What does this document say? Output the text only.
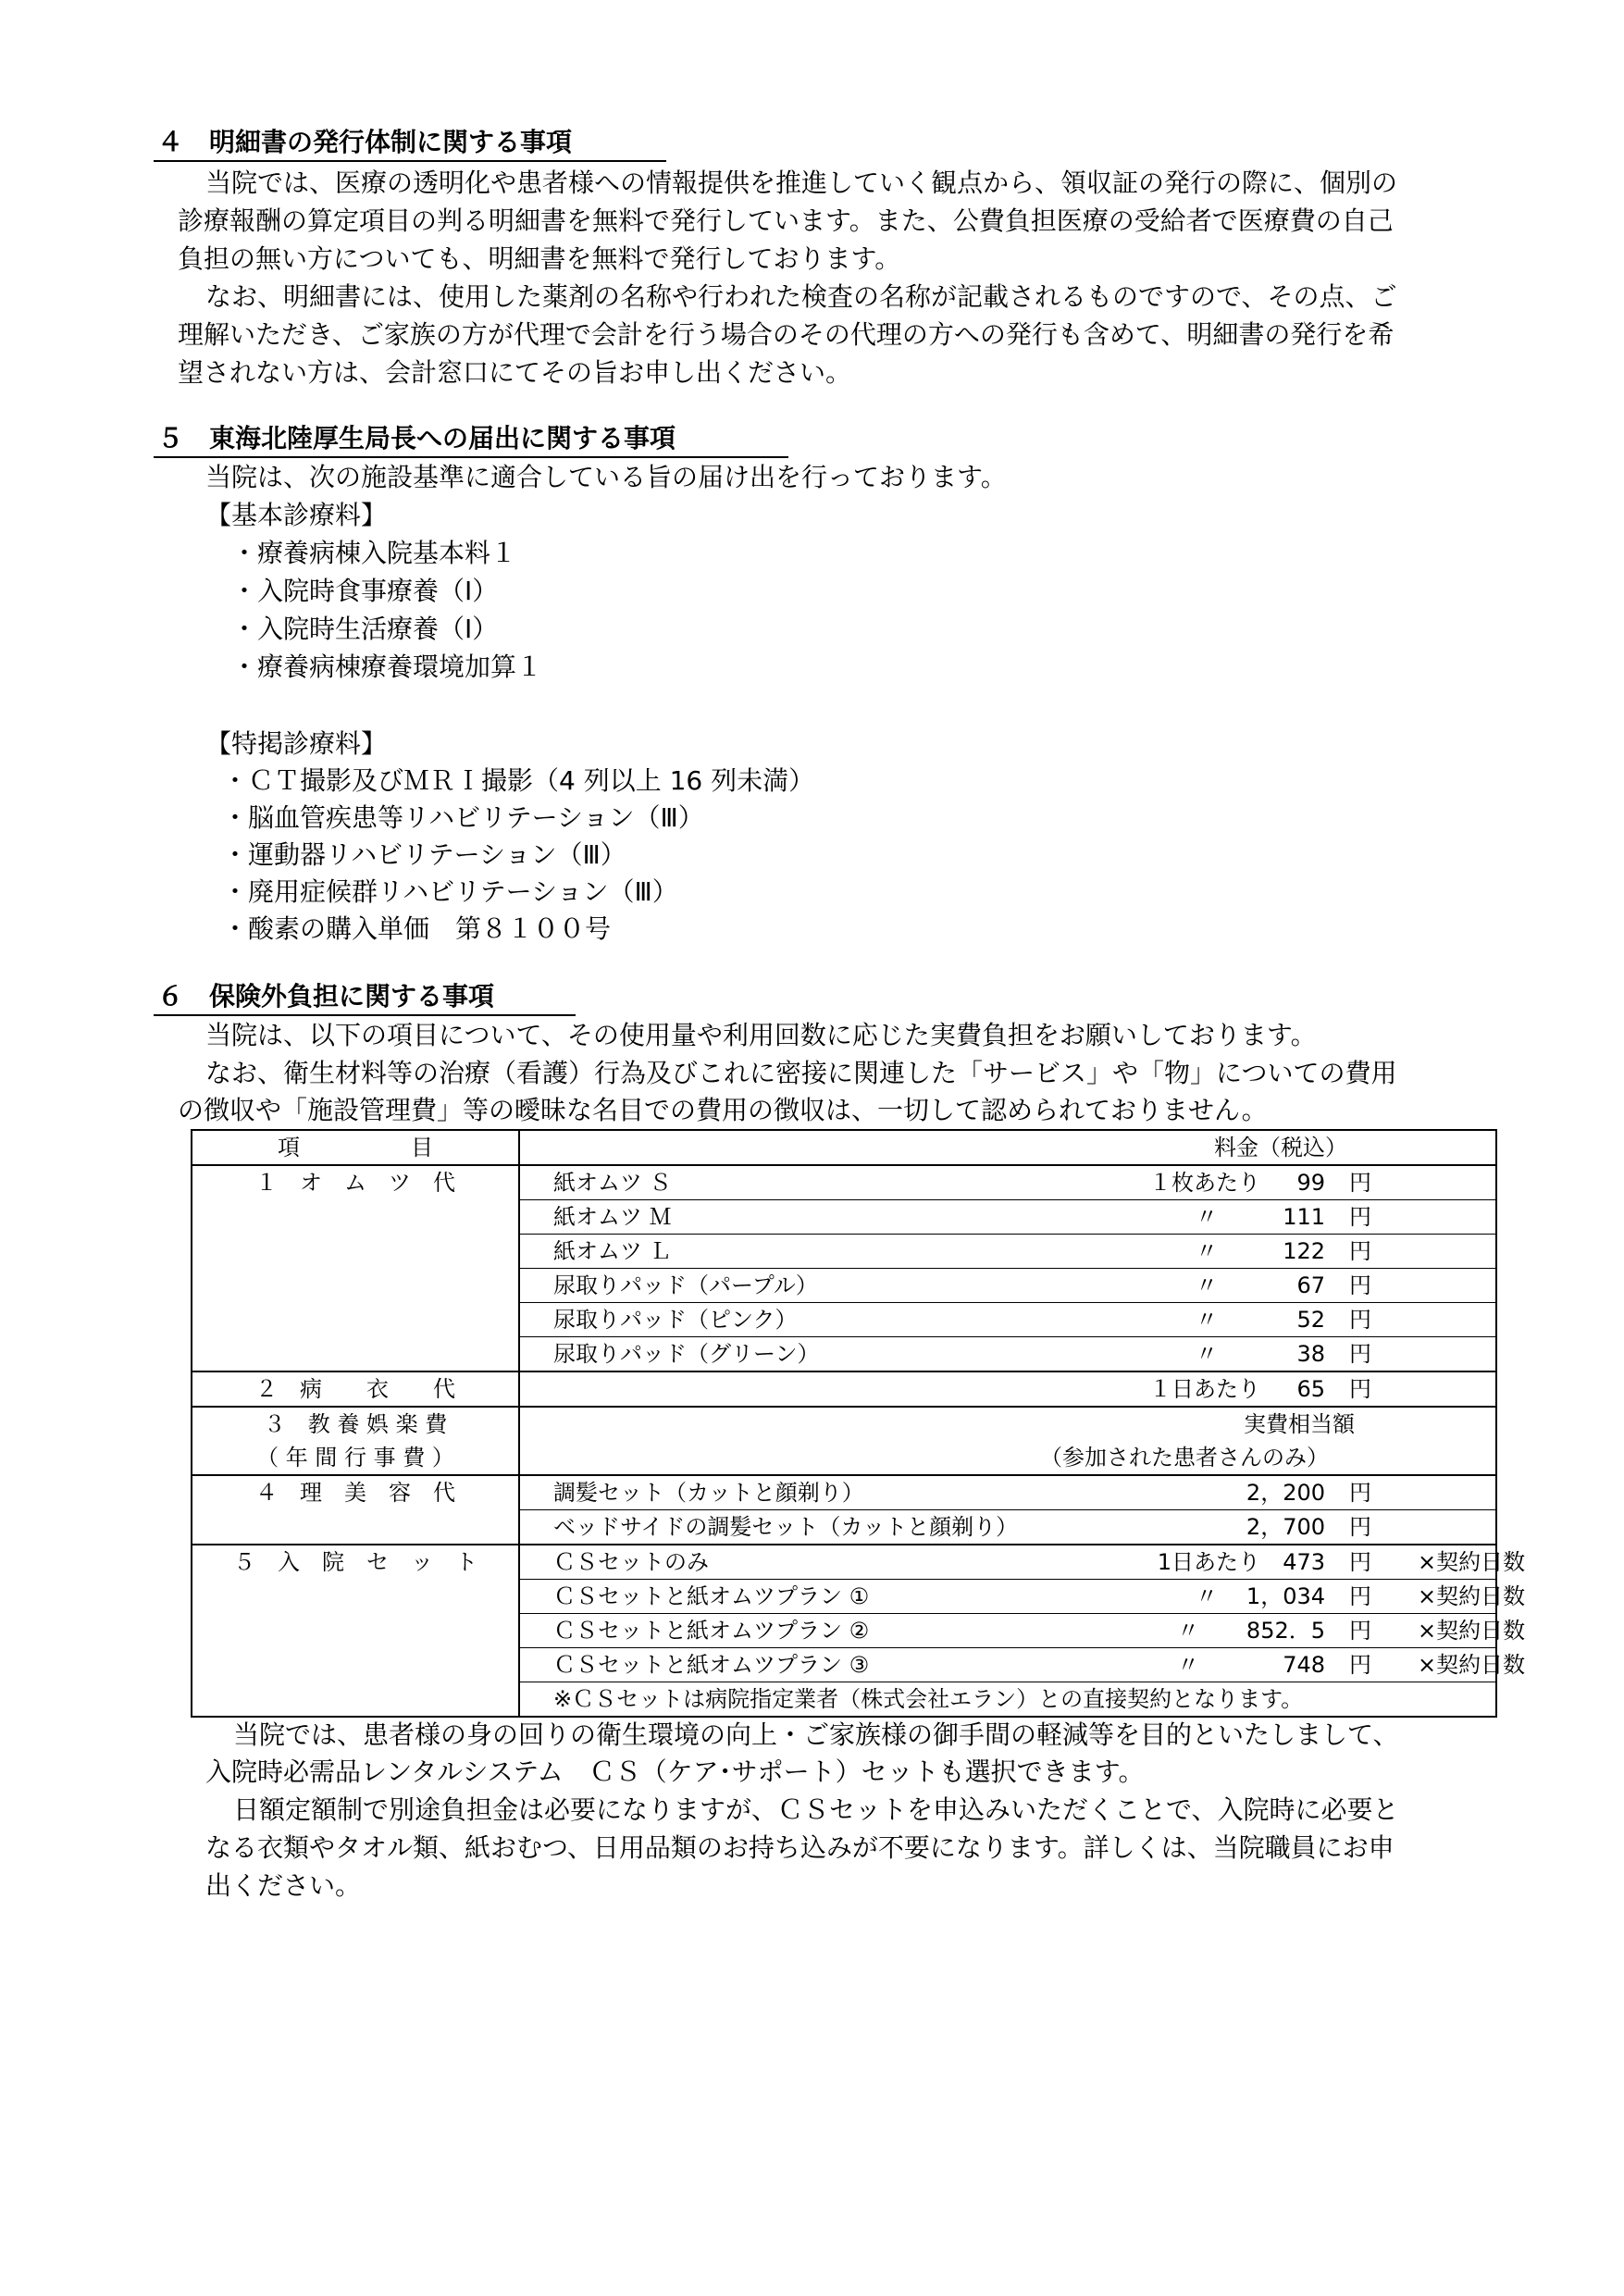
４　明細書の発行体制に関する事項
当院では、医療の透明化や患者様への情報提供を推進していく観点から、領収証の発行の際に、個別の
診療報酬の算定項目の判る明細書を無料で発行しています。また、公費負担医療の受給者で医療費の自己
負担の無い方についても、明細書を無料で発行しております。
なお、明細書には、使用した薬剤の名称や行われた検査の名称が記載されるものですので、その点、ご
理解いただき、ご家族の方が代理で会計を行う場合のその代理の方への発行も含めて、明細書の発行を希
望されない方は、会計窓口にてその旨お申し出ください。
５　東海北陸厚生局長への届出に関する事項
当院は、次の施設基準に適合している旨の届け出を行っております。
【基本診療料】
・療養病棟入院基本料１
・入院時食事療養（Ⅰ）
・入院時生活療養（Ⅰ）
・療養病棟療養環境加算１
【特掲診療料】
・ＣＴ撮影及びＭＲＩ撮影（4 列以上 16 列未満）
・脳血管疾患等リハビリテーション（Ⅲ）
・運動器リハビリテーション（Ⅲ）
・廃用症候群リハビリテーション（Ⅲ）
・酸素の購入単価　第８１００号
６　保険外負担に関する事項
当院は、以下の項目について、その使用量や利用回数に応じた実費負担をお願いしております。
なお、衛生材料等の治療（看護）行為及びこれに密接に関連した「サービス」や「物」についての費用
の徴収や「施設管理費」等の曖昧な名目での費用の徴収は、一切して認められておりません。
項　　　　　目	料金（税込）

１　オ　ム　ツ　代	紙オムツ Ｓ １枚あたり 99 円

	紙オムツ Ｍ 〃 111 円

	紙オムツ Ｌ 〃 122 円

	尿取りパッド（パープル） 〃 67 円

	尿取りパッド（ピンク） 〃 52 円

	尿取りパッド（グリーン） 〃 38 円

２　病　　衣　　代	１日あたり 65 円

３　教 養 娯 楽 費	実費相当額

（ 年 間 行 事 費 ）	（参加された患者さんのみ）

４　理　美　容　代	調髪セット（カットと顔剃り） 2，200 円

	ベッドサイドの調髪セット（カットと顔剃り） 2，700 円

５　入　院　セ　ッ　ト	ＣＳセットのみ 1日あたり 473 円 ×契約日数

	ＣＳセットと紙オムツプラン ① 〃 1，034 円 ×契約日数

	ＣＳセットと紙オムツプラン ② 〃 852．5 円 ×契約日数

	ＣＳセットと紙オムツプラン ③ 〃 748 円 ×契約日数

	※ＣＳセットは病院指定業者（株式会社エラン）との直接契約となります。
当院では、患者様の身の回りの衛生環境の向上・ご家族様の御手間の軽減等を目的といたしまして、
入院時必需品レンタルシステム　ＣＳ（ケア･サポート）セットも選択できます。
日額定額制で別途負担金は必要になりますが、ＣＳセットを申込みいただくことで、入院時に必要と
なる衣類やタオル類、紙おむつ、日用品類のお持ち込みが不要になります。詳しくは、当院職員にお申
出ください。
